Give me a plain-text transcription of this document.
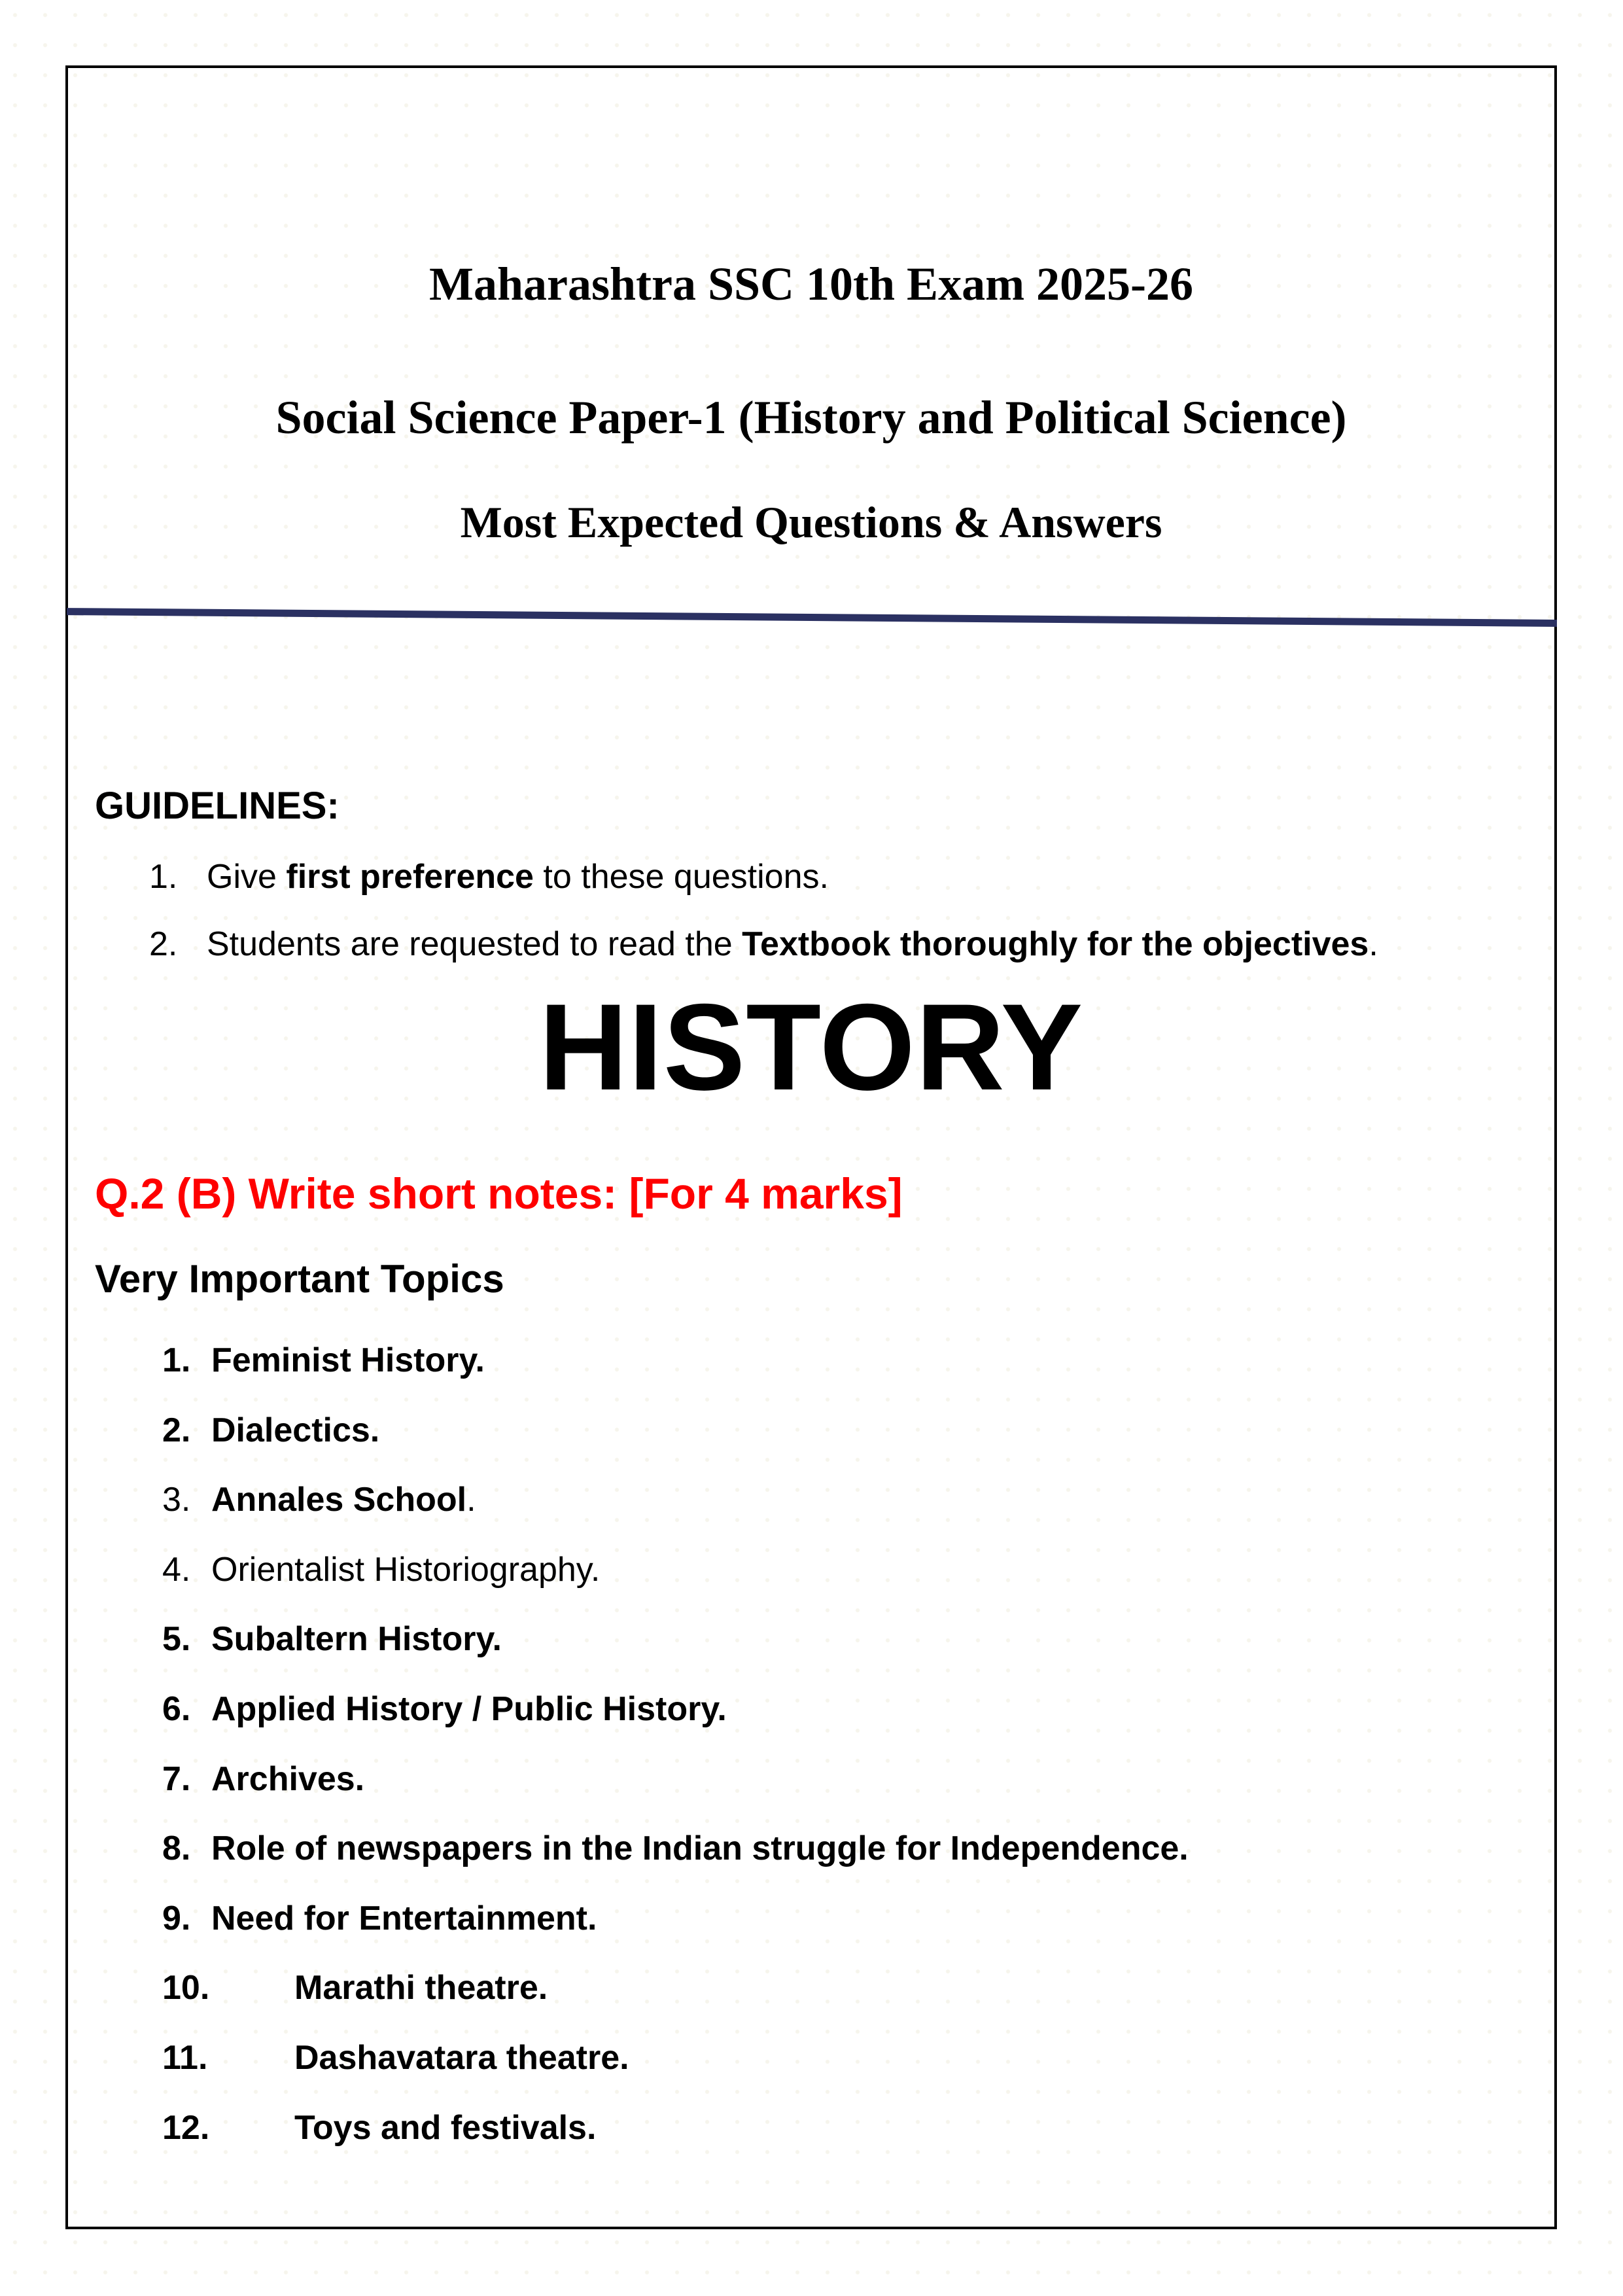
Maharashtra SSC 10th Exam 2025-26
Social Science Paper-1 (History and Political Science)
Most Expected Questions & Answers
GUIDELINES:
1. Give first preference to these questions.
2. Students are requested to read the Textbook thoroughly for the objectives.
HISTORY
Q.2 (B) Write short notes: [For 4 marks]
Very Important Topics
1. Feminist History.
2. Dialectics.
3. Annales School.
4. Orientalist Historiography.
5. Subaltern History.
6. Applied History / Public History.
7. Archives.
8. Role of newspapers in the Indian struggle for Independence.
9. Need for Entertainment.
10.	Marathi theatre.
11.	Dashavatara theatre.
12.	Toys and festivals.
